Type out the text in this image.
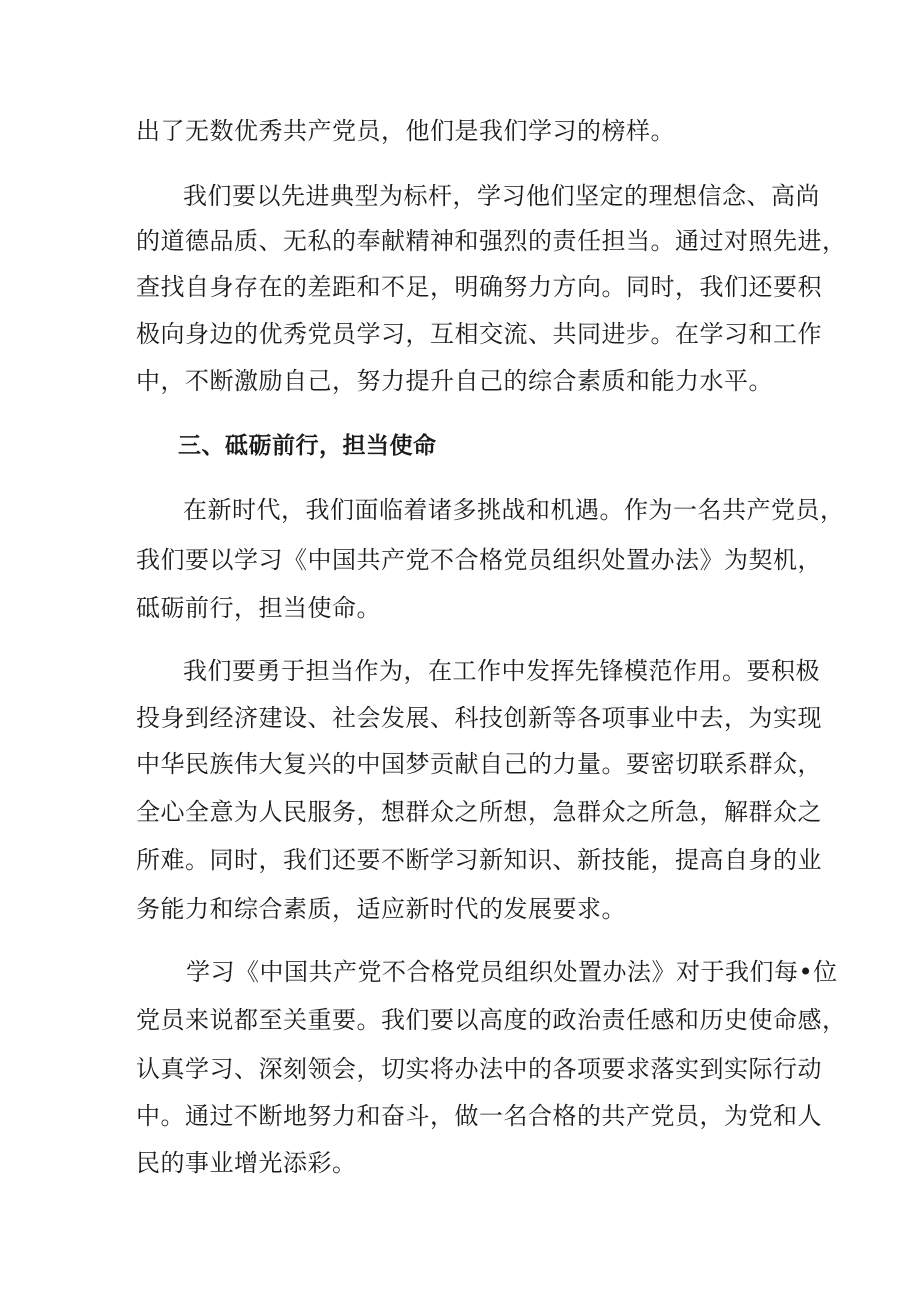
出了无数优秀共产党员，他们是我们学习的榜样。

我们要以先进典型为标杆，学习他们坚定的理想信念、高尚

的道德品质、无私的奉献精神和强烈的责任担当。通过对照先进，

查找自身存在的差距和不足，明确努力方向。同时，我们还要积

极向身边的优秀党员学习，互相交流、共同进步。在学习和工作

中，不断激励自己，努力提升自己的综合素质和能力水平。

三、砥砺前行，担当使命

在新时代，我们面临着诸多挑战和机遇。作为一名共产党员，

我们要以学习《中国共产党不合格党员组织处置办法》为契机，

砥砺前行，担当使命。

我们要勇于担当作为，在工作中发挥先锋模范作用。要积极

投身到经济建设、社会发展、科技创新等各项事业中去，为实现

中华民族伟大复兴的中国梦贡献自己的力量。要密切联系群众，

全心全意为人民服务，想群众之所想，急群众之所急，解群众之

所难。同时，我们还要不断学习新知识、新技能，提高自身的业

务能力和综合素质，适应新时代的发展要求。

学习《中国共产党不合格党员组织处置办法》对于我们每•位

党员来说都至关重要。我们要以高度的政治责任感和历史使命感，

认真学习、深刻领会，切实将办法中的各项要求落实到实际行动

中。通过不断地努力和奋斗，做一名合格的共产党员，为党和人

民的事业增光添彩。
